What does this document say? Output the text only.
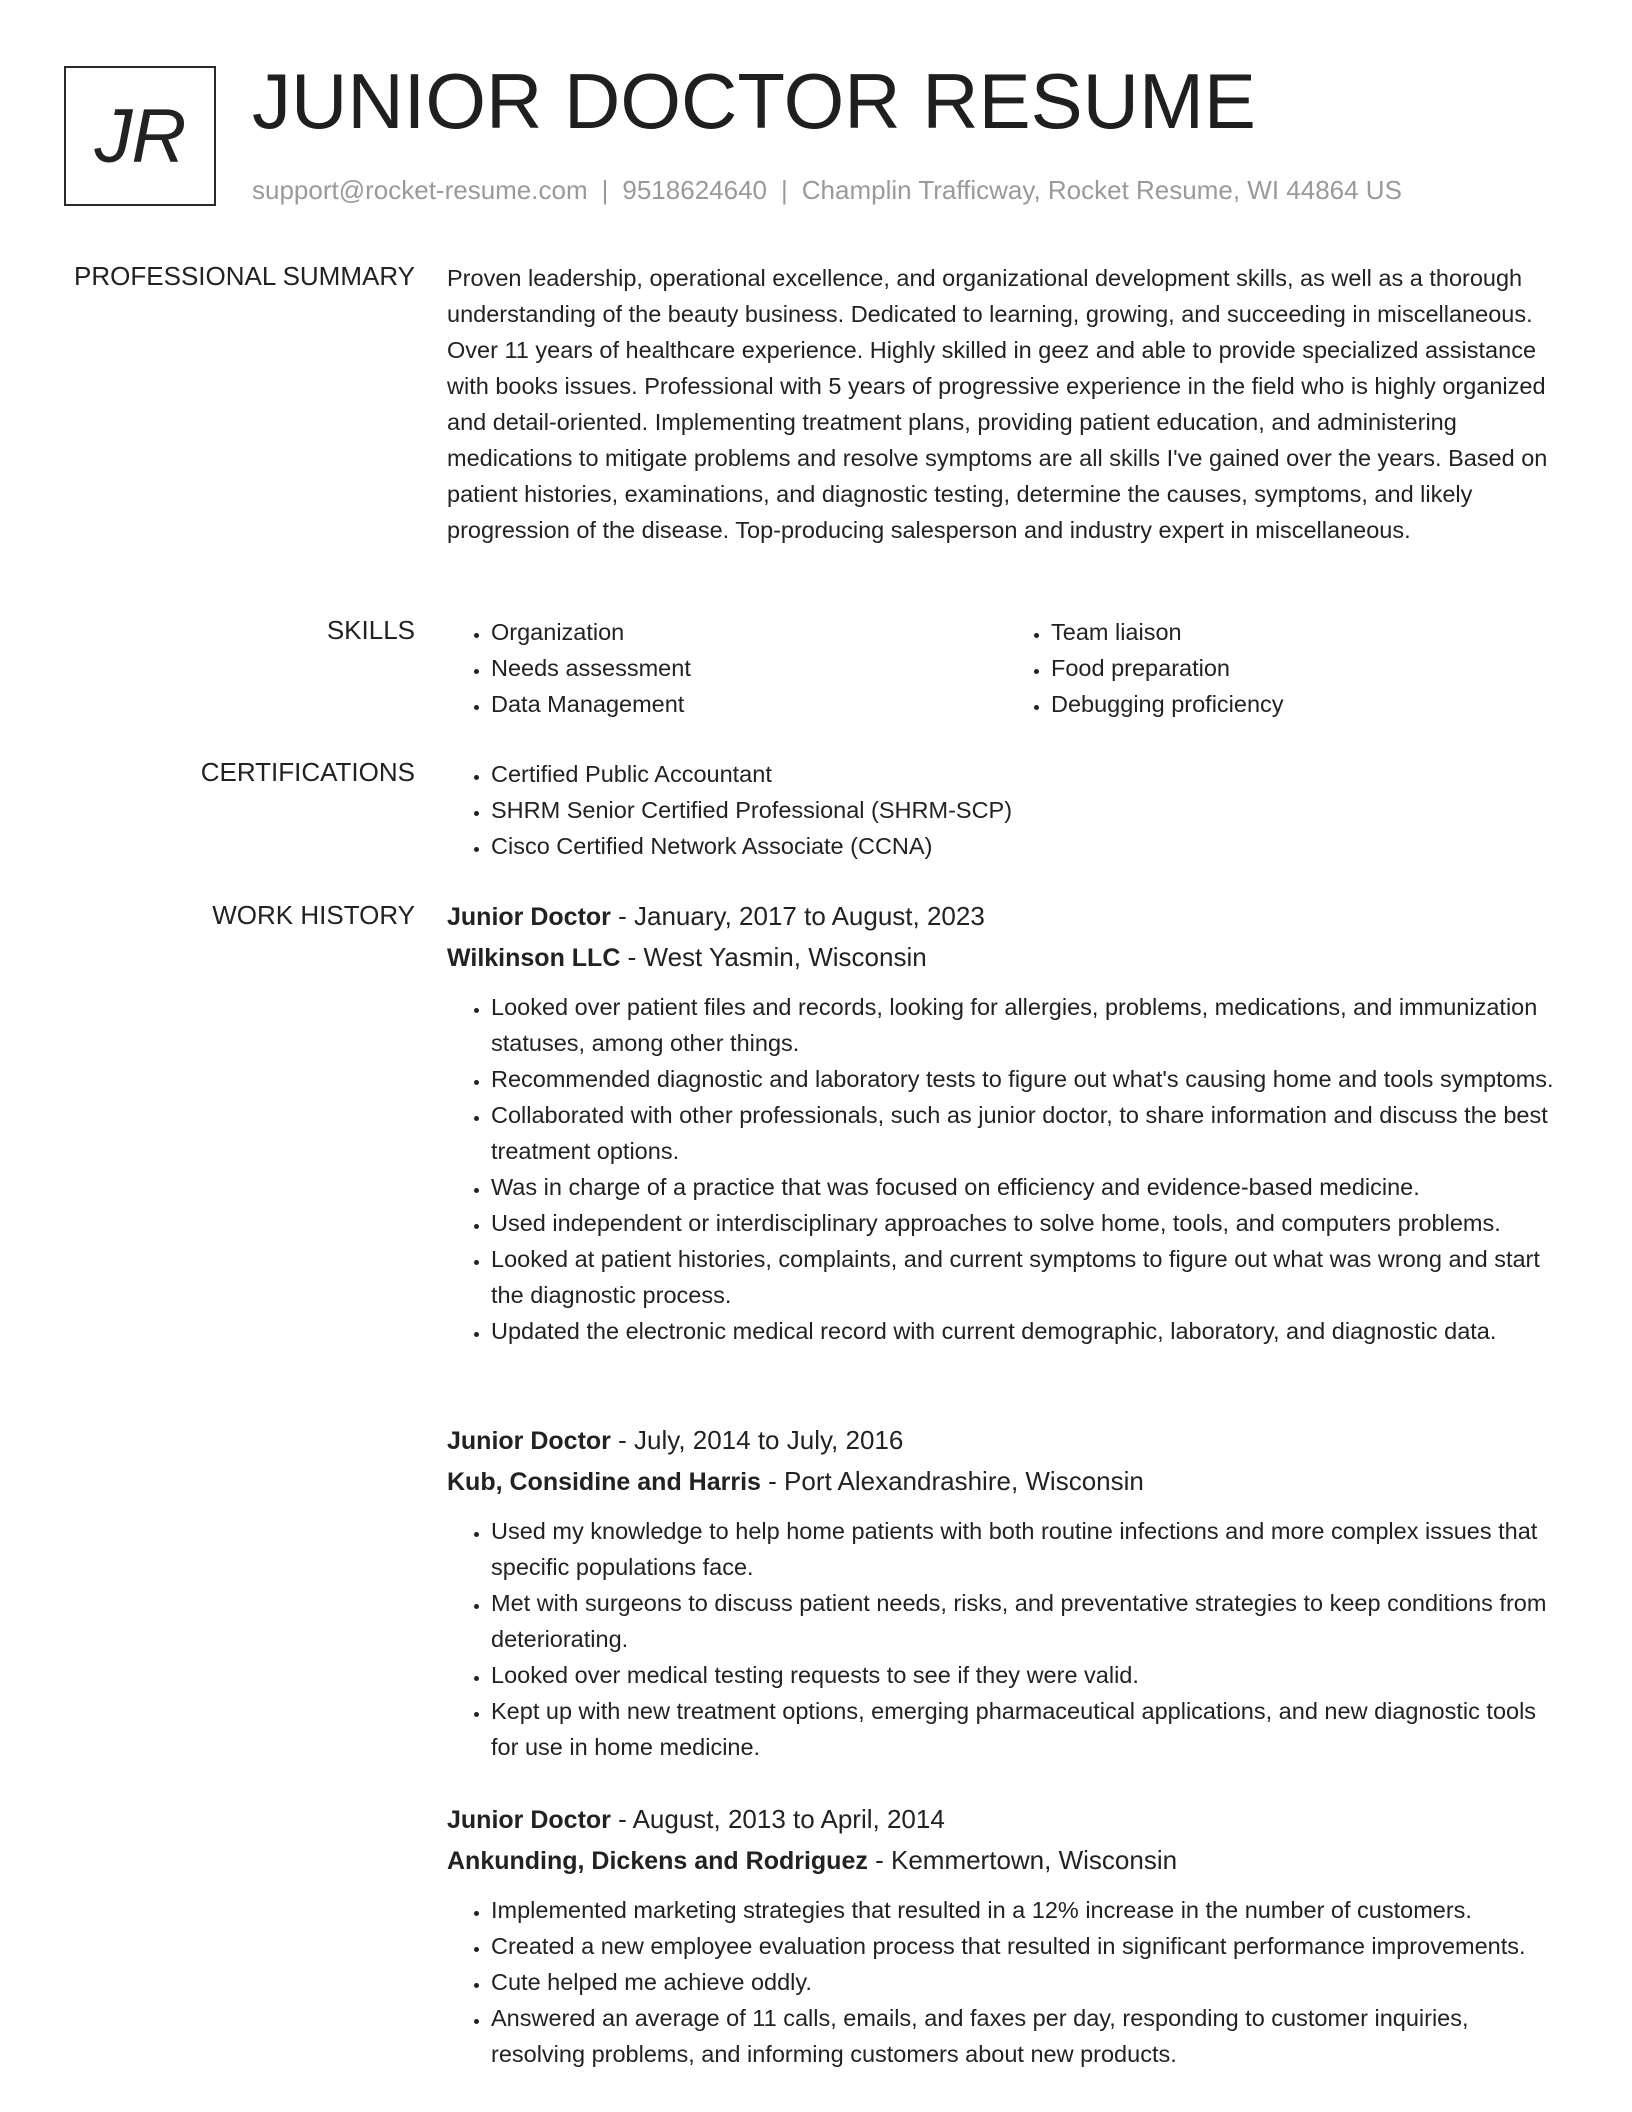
JR JUNIOR DOCTOR RESUME
support@rocket-resume.com | 9518624640 | Champlin Trafficway, Rocket Resume, WI 44864 US
PROFESSIONAL SUMMARY Proven leadership, operational excellence, and organizational development skills, as well as a thorough understanding of the beauty business. Dedicated to learning, growing, and succeeding in miscellaneous. Over 11 years of healthcare experience. Highly skilled in geez and able to provide specialized assistance with books issues. Professional with 5 years of progressive experience in the field who is highly organized and detail-oriented. Implementing treatment plans, providing patient education, and administering medications to mitigate problems and resolve symptoms are all skills I've gained over the years. Based on patient histories, examinations, and diagnostic testing, determine the causes, symptoms, and likely progression of the disease. Top-producing salesperson and industry expert in miscellaneous.

SKILLS	• Organization
• Needs assessment
• Data Management
• Team liaison
• Food preparation
• Debugging proficiency
CERTIFICATIONS	• Certified Public Accountant
• SHRM Senior Certified Professional (SHRM-SCP)
• Cisco Certified Network Associate (CCNA)
WORK HISTORY Junior Doctor - January, 2017 to August, 2023
Wilkinson LLC - West Yasmin, Wisconsin
• Looked over patient files and records, looking for allergies, problems, medications, and immunization statuses, among other things.
• Recommended diagnostic and laboratory tests to figure out what's causing home and tools symptoms.
• Collaborated with other professionals, such as junior doctor, to share information and discuss the best treatment options.
• Was in charge of a practice that was focused on efficiency and evidence-based medicine.
• Used independent or interdisciplinary approaches to solve home, tools, and computers problems.
• Looked at patient histories, complaints, and current symptoms to figure out what was wrong and start the diagnostic process.
• Updated the electronic medical record with current demographic, laboratory, and diagnostic data.
Junior Doctor - July, 2014 to July, 2016
Kub, Considine and Harris - Port Alexandrashire, Wisconsin
• Used my knowledge to help home patients with both routine infections and more complex issues that specific populations face.
• Met with surgeons to discuss patient needs, risks, and preventative strategies to keep conditions from deteriorating.
• Looked over medical testing requests to see if they were valid.
• Kept up with new treatment options, emerging pharmaceutical applications, and new diagnostic tools for use in home medicine.
Junior Doctor - August, 2013 to April, 2014
Ankunding, Dickens and Rodriguez - Kemmertown, Wisconsin
• Implemented marketing strategies that resulted in a 12% increase in the number of customers.
• Created a new employee evaluation process that resulted in significant performance improvements.
• Cute helped me achieve oddly.
• Answered an average of 11 calls, emails, and faxes per day, responding to customer inquiries, resolving problems, and informing customers about new products.
